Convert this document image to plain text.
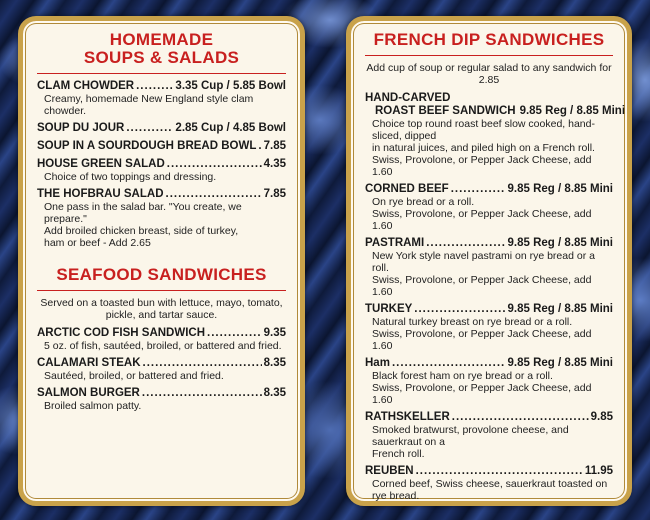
HOMEMADE
SOUPS & SALADS
CLAM CHOWDER .....	3.35 Cup / 5.85 Bowl
Creamy, homemade New England style clam chowder.
SOUP DU JOUR .....	2.85 Cup / 4.85 Bowl
SOUP IN A SOURDOUGH BREAD BOWL ..... 7.85
HOUSE GREEN SALAD .....	4.35
Choice of two toppings and dressing.
THE HOFBRAU SALAD .....	7.85
One pass in the salad bar. "You create, we prepare."
Add broiled chicken breast, side of turkey,
ham or beef - Add 2.65
SEAFOOD SANDWICHES
Served on a toasted bun with lettuce, mayo, tomato,
pickle, and tartar sauce.
ARCTIC COD FISH SANDWICH .....	9.35
5 oz. of fish, sautéed, broiled, or battered and fried.
CALAMARI STEAK .....	8.35
Sautéed, broiled, or battered and fried.
SALMON BURGER .....	8.35
Broiled salmon patty.
FRENCH DIP SANDWICHES
Add cup of soup or regular salad to any sandwich for 2.85
HAND-CARVED
ROAST BEEF SANDWICH 9.85 Reg / 8.85 Mini
Choice top round roast beef slow cooked, hand-sliced, dipped
in natural juices, and piled high on a French roll.
Swiss, Provolone, or Pepper Jack Cheese, add 1.60
CORNED BEEF .....	9.85 Reg / 8.85 Mini
On rye bread or a roll.
Swiss, Provolone, or Pepper Jack Cheese, add 1.60
PASTRAMI .....	9.85 Reg / 8.85 Mini
New York style navel pastrami on rye bread or a roll.
Swiss, Provolone, or Pepper Jack Cheese, add 1.60
TURKEY .....	9.85 Reg / 8.85 Mini
Natural turkey breast on rye bread or a roll.
Swiss, Provolone, or Pepper Jack Cheese, add 1.60
Ham .....	9.85 Reg / 8.85 Mini
Black forest ham on rye bread or a roll.
Swiss, Provolone, or Pepper Jack Cheese, add 1.60
RATHSKELLER .....	9.85
Smoked bratwurst, provolone cheese, and sauerkraut on a
French roll.
REUBEN .....	11.95
Corned beef, Swiss cheese, sauerkraut toasted on rye bread.
